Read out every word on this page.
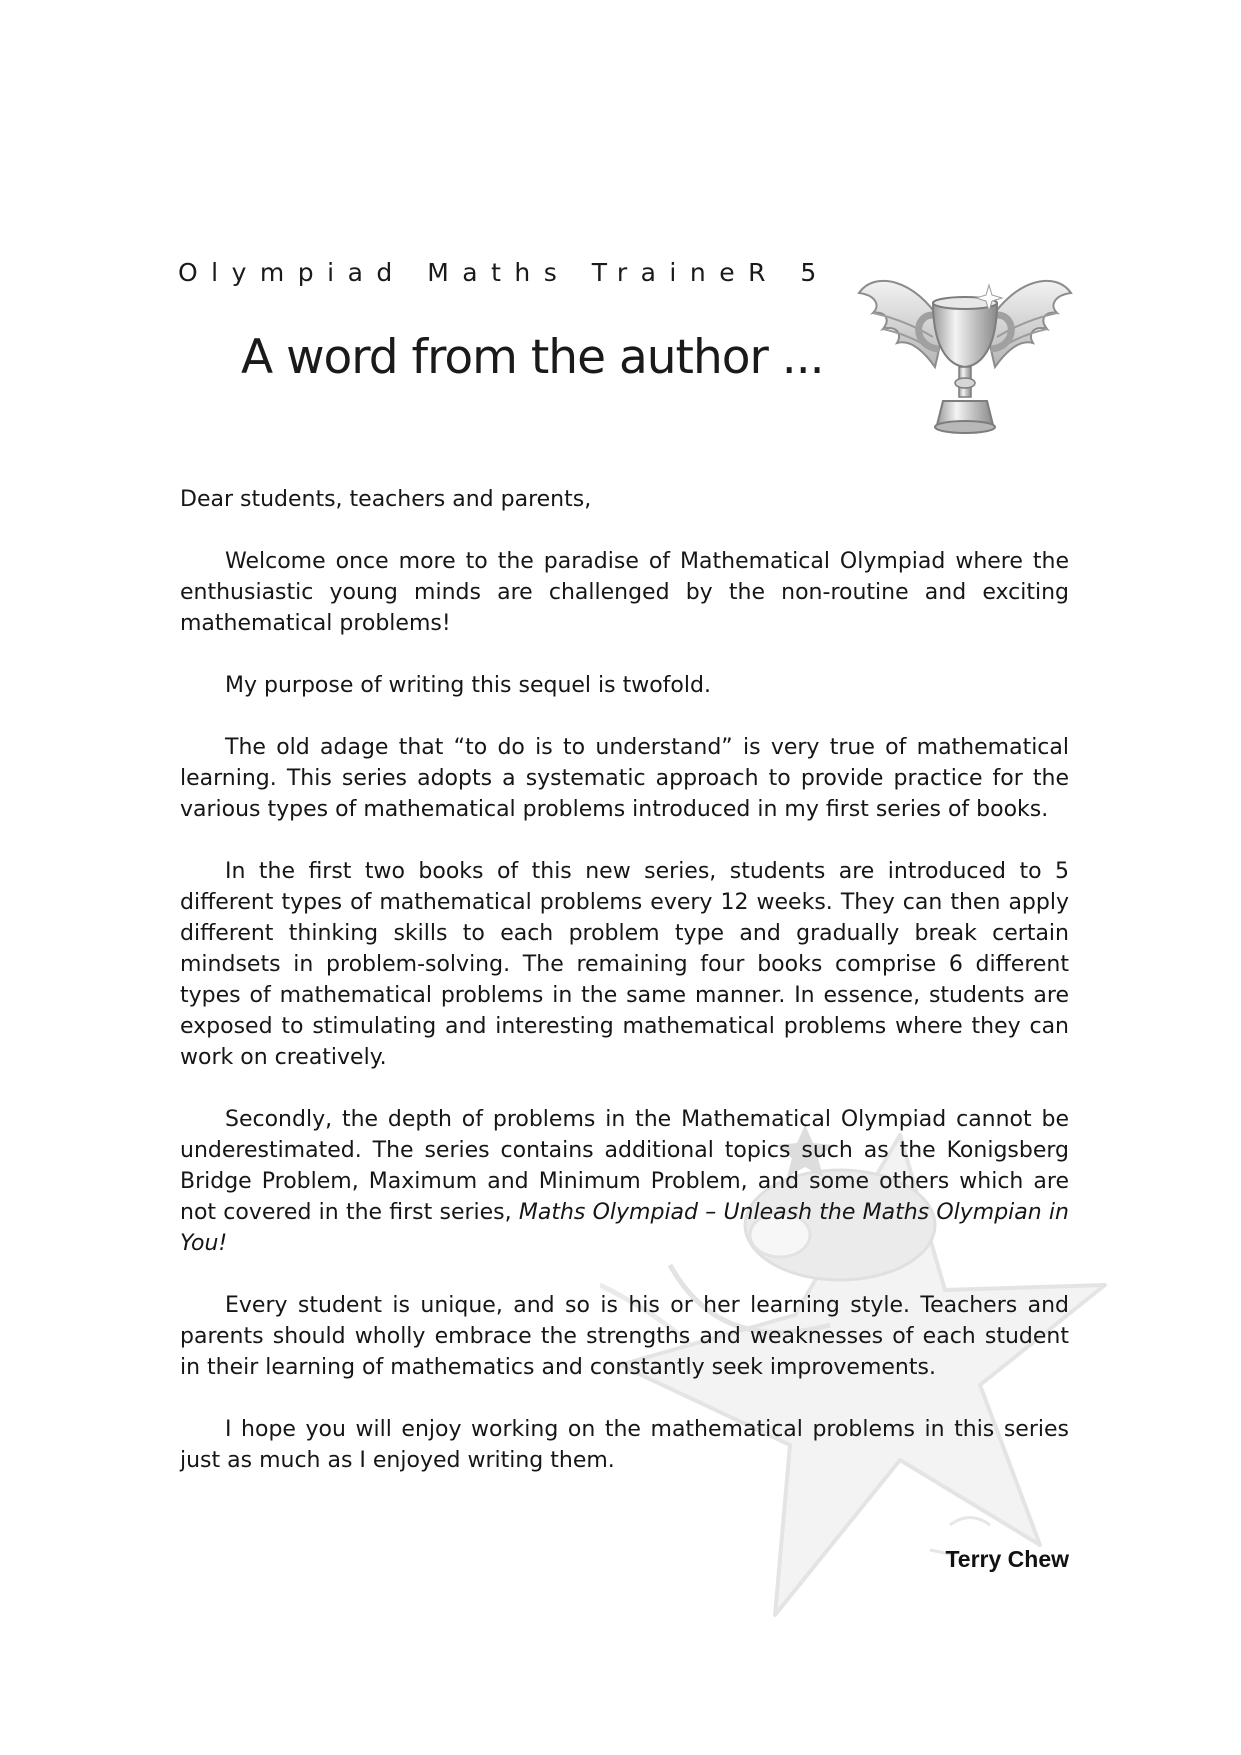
Olympiad Maths TraineR 5
A word from the author ...

Dear students, teachers and parents,

Welcome once more to the paradise of Mathematical Olympiad where the enthusiastic young minds are challenged by the non-routine and exciting mathematical problems!

My purpose of writing this sequel is twofold.

The old adage that “to do is to understand” is very true of mathematical learning. This series adopts a systematic approach to provide practice for the various types of mathematical problems introduced in my first series of books.

In the first two books of this new series, students are introduced to 5 different types of mathematical problems every 12 weeks. They can then apply different thinking skills to each problem type and gradually break certain mindsets in problem-solving. The remaining four books comprise 6 different types of mathematical problems in the same manner. In essence, students are exposed to stimulating and interesting mathematical problems where they can work on creatively.

Secondly, the depth of problems in the Mathematical Olympiad cannot be underestimated. The series contains additional topics such as the Konigsberg Bridge Problem, Maximum and Minimum Problem, and some others which are not covered in the first series, Maths Olympiad – Unleash the Maths Olympian in You!

Every student is unique, and so is his or her learning style. Teachers and parents should wholly embrace the strengths and weaknesses of each student in their learning of mathematics and constantly seek improvements.

I hope you will enjoy working on the mathematical problems in this series just as much as I enjoyed writing them.

Terry Chew
